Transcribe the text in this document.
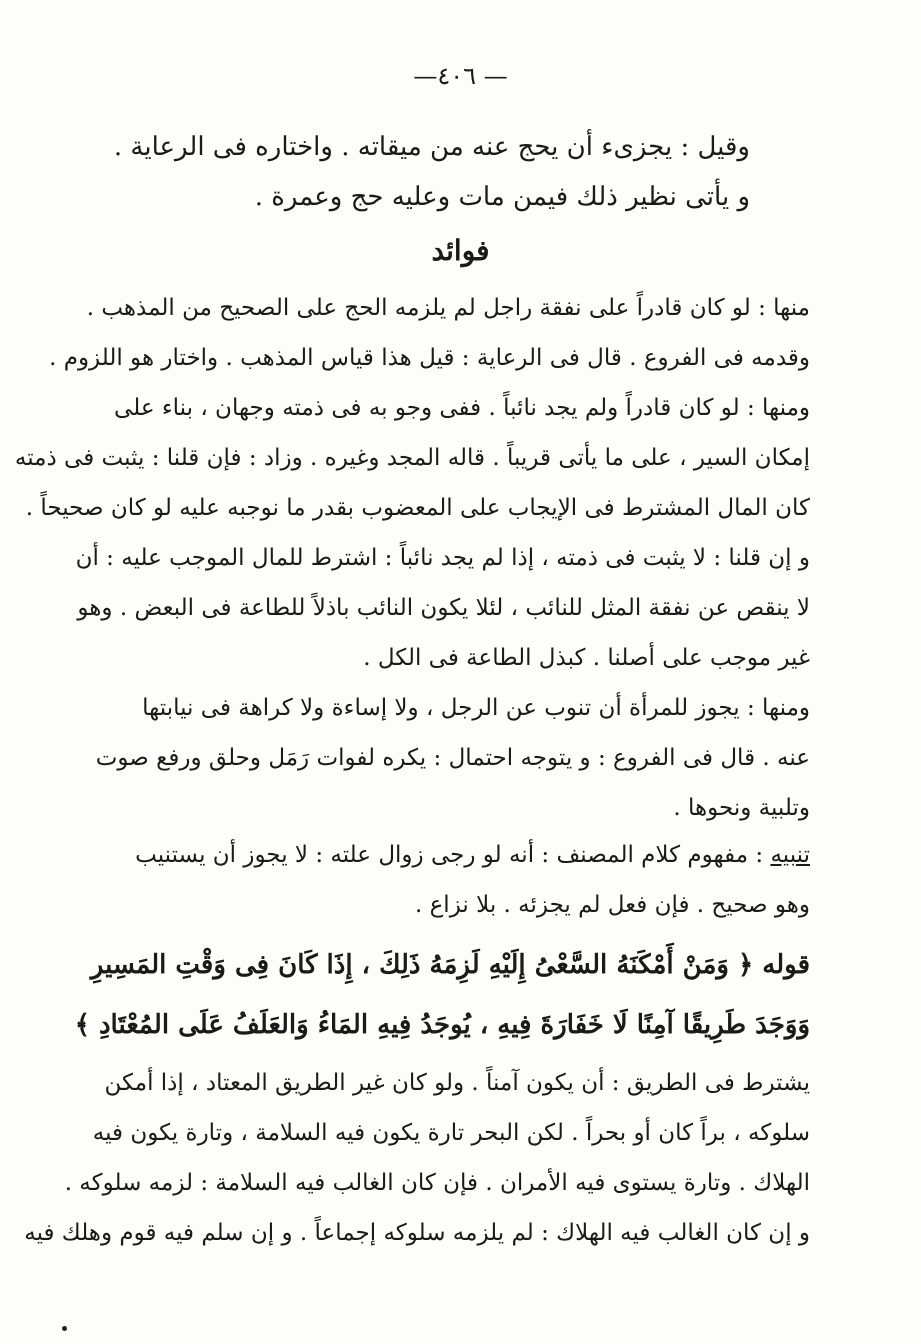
— ٤٠٦—
وقيل : يجزىء أن يحج عنه من ميقاته . واختاره فى الرعاية .
و يأتى نظير ذلك فيمن مات وعليه حج وعمرة .
فوائد
منها : لو كان قادراً على نفقة راجل لم يلزمه الحج على الصحيح من المذهب .
وقدمه فى الفروع . قال فى الرعاية : قيل هذا قياس المذهب . واختار هو اللزوم .
ومنها : لو كان قادراً ولم يجد نائباً . ففى وجو به فى ذمته وجهان ، بناء على
إمكان السير ، على ما يأتى قريباً . قاله المجد وغيره . وزاد : فإن قلنا : يثبت فى ذمته
كان المال المشترط فى الإيجاب على المعضوب بقدر ما نوجبه عليه لو كان صحيحاً .
و إن قلنا : لا يثبت فى ذمته ، إذا لم يجد نائباً : اشترط للمال الموجب عليه : أن
لا ينقص عن نفقة المثل للنائب ، لئلا يكون النائب باذلاً للطاعة فى البعض . وهو
غير موجب على أصلنا . كبذل الطاعة فى الكل .
ومنها : يجوز للمرأة أن تنوب عن الرجل ، ولا إساءة ولا كراهة فى نيابتها
عنه . قال فى الفروع : و يتوجه احتمال : يكره لفوات رَمَل وحلق ورفع صوت
وتلبية ونحوها .
تنبيه : مفهوم كلام المصنف : أنه لو رجى زوال علته : لا يجوز أن يستنيب
وهو صحيح . فإن فعل لم يجزئه . بلا نزاع .
قوله ﴿ وَمَنْ أَمْكَنَهُ السَّعْىُ إِلَيْهِ لَزِمَهُ ذَلِكَ ، إِذَا كَانَ فِى وَقْتِ المَسِيرِ
وَوَجَدَ طَرِيقًا آمِنًا لَا خَفَارَةَ فِيهِ ، يُوجَدُ فِيهِ المَاءُ وَالعَلَفُ عَلَى المُعْتَادِ ﴾
يشترط فى الطريق : أن يكون آمناً . ولو كان غير الطريق المعتاد ، إذا أمكن
سلوكه ، براً كان أو بحراً . لكن البحر تارة يكون فيه السلامة ، وتارة يكون فيه
الهلاك . وتارة يستوى فيه الأمران . فإن كان الغالب فيه السلامة : لزمه سلوكه .
و إن كان الغالب فيه الهلاك : لم يلزمه سلوكه إجماعاً . و إن سلم فيه قوم وهلك فيه
